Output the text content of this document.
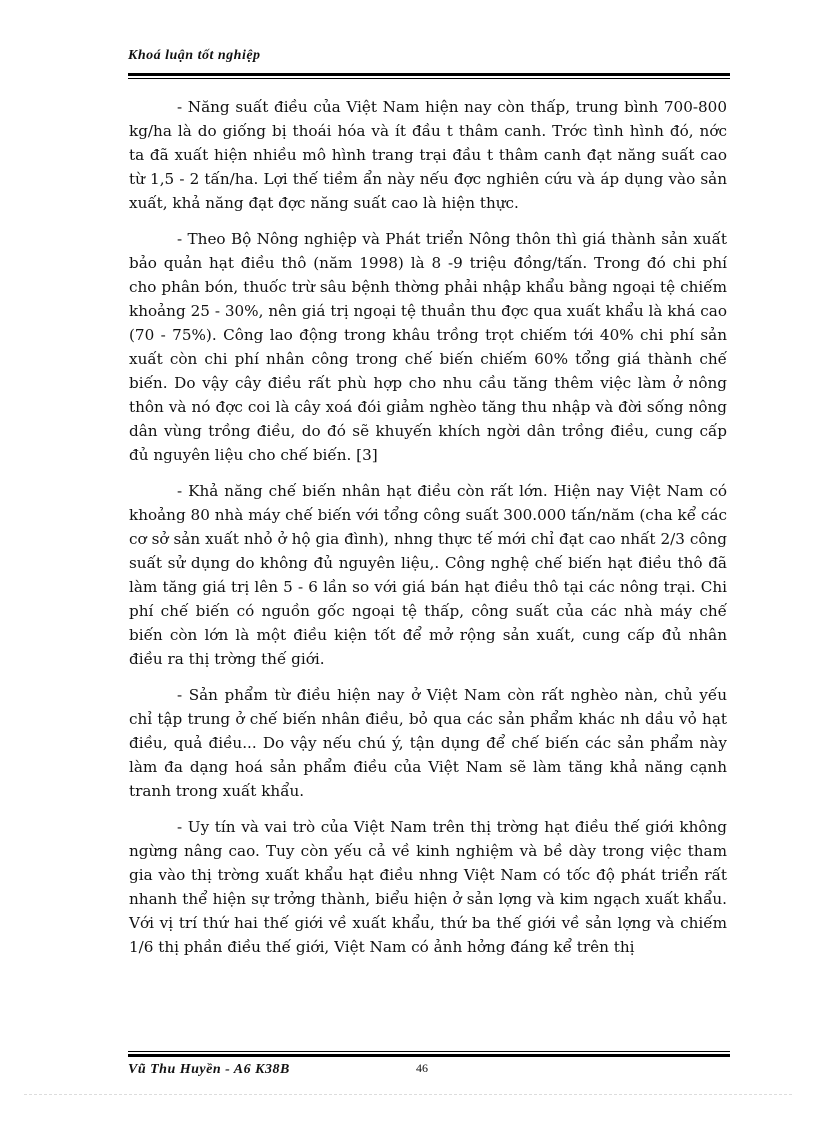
Khoá luận tốt nghiệp

- Năng suất điều của Việt Nam hiện nay còn thấp, trung bình 700-800 kg/ha là do giống bị thoái hóa và ít đầu t thâm canh. Trớc tình hình đó, nớc ta đã xuất hiện nhiều mô hình trang trại đầu t thâm canh đạt năng suất cao từ 1,5 - 2 tấn/ha. Lợi thế tiềm ẩn này nếu đợc nghiên cứu và áp dụng vào sản xuất, khả năng đạt đợc năng suất cao là hiện thực.

- Theo Bộ Nông nghiệp và Phát triển Nông thôn thì giá thành sản xuất bảo quản hạt điều thô (năm 1998) là 8 -9 triệu đồng/tấn. Trong đó chi phí cho phân bón, thuốc trừ sâu bệnh thờng phải nhập khẩu bằng ngoại tệ chiếm khoảng 25 - 30%, nên giá trị ngoại tệ thuần thu đợc qua xuất khẩu là khá cao (70 - 75%). Công lao động trong khâu trồng trọt chiếm tới 40% chi phí sản xuất còn chi phí nhân công trong chế biến chiếm 60% tổng giá thành chế biến. Do vậy cây điều rất phù hợp cho nhu cầu tăng thêm việc làm ở nông thôn và nó đợc coi là cây xoá đói giảm nghèo tăng thu nhập và đời sống nông dân vùng trồng điều, do đó sẽ khuyến khích ngời dân trồng điều, cung cấp đủ nguyên liệu cho chế biến. [3]

- Khả năng chế biến nhân hạt điều còn rất lớn. Hiện nay Việt Nam có khoảng 80 nhà máy chế biến với tổng công suất 300.000 tấn/năm (cha kể các cơ sở sản xuất nhỏ ở hộ gia đình), nhng thực tế mới chỉ đạt cao nhất 2/3 công suất sử dụng do không đủ nguyên liệu,. Công nghệ chế biến hạt điều thô đã làm tăng giá trị lên 5 - 6 lần so với giá bán hạt điều thô tại các nông trại. Chi phí chế biến có nguồn gốc ngoại tệ thấp, công suất của các nhà máy chế biến còn lớn là một điều kiện tốt để mở rộng sản xuất, cung cấp đủ nhân điều ra thị trờng thế giới.

- Sản phẩm từ điều hiện nay ở Việt Nam còn rất nghèo nàn, chủ yếu chỉ tập trung ở chế biến nhân điều, bỏ qua các sản phẩm khác nh dầu vỏ hạt điều, quả điều... Do vậy nếu chú ý, tận dụng để chế biến các sản phẩm này làm đa dạng hoá sản phẩm điều của Việt Nam sẽ làm tăng khả năng cạnh tranh trong xuất khẩu.

- Uy tín và vai trò của Việt Nam trên thị trờng hạt điều thế giới không ngừng nâng cao. Tuy còn yếu cả về kinh nghiệm và bề dày trong việc tham gia vào thị trờng xuất khẩu hạt điều nhng Việt Nam có tốc độ phát triển rất nhanh thể hiện sự trởng thành, biểu hiện ở sản lợng và kim ngạch xuất khẩu. Với vị trí thứ hai thế giới về xuất khẩu, thứ ba thế giới về sản lợng và chiếm 1/6 thị phần điều thế giới, Việt Nam có ảnh hởng đáng kể trên thị

Vũ Thu Huyền - A6 K38B	46
